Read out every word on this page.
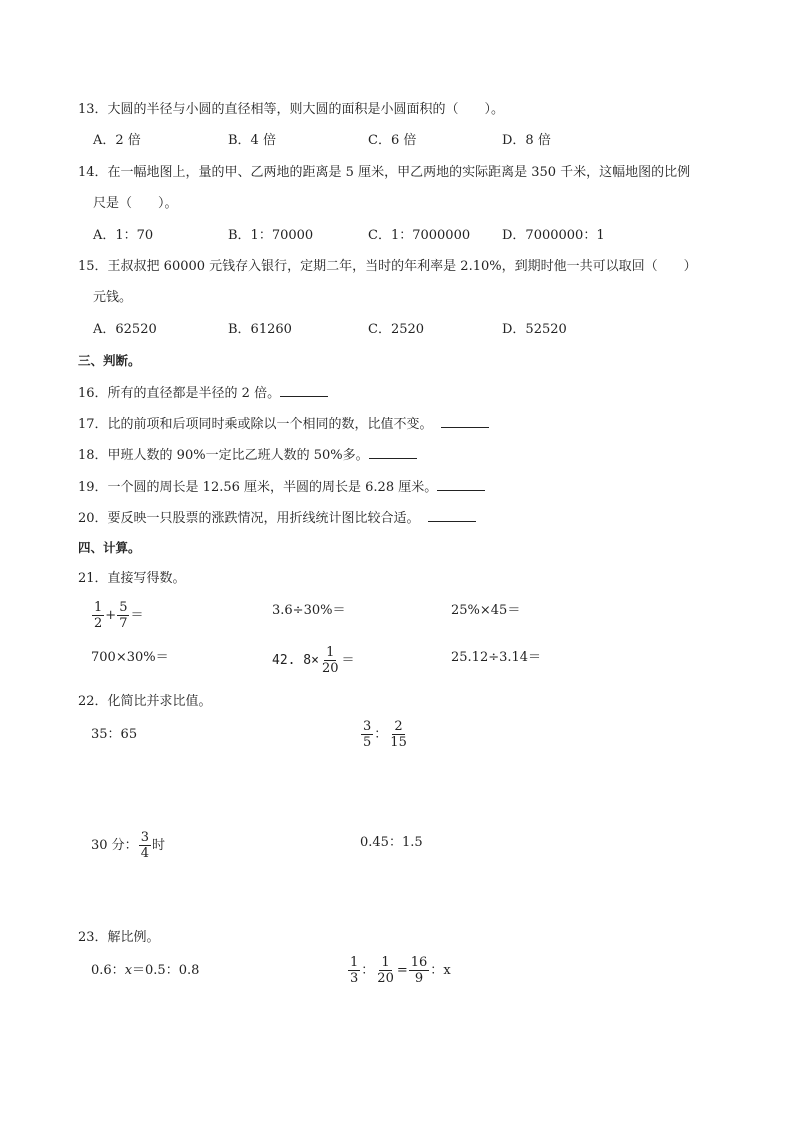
13．大圆的半径与小圆的直径相等，则大圆的面积是小圆面积的（　　）。
A．2 倍	B．4 倍	C．6 倍	D．8 倍
14．在一幅地图上，量的甲、乙两地的距离是 5 厘米，甲乙两地的实际距离是 350 千米，这幅地图的比例
尺是（　　）。
A．1：70	B．1：70000	C．1：7000000 D．7000000：1
15．王叔叔把 60000 元钱存入银行，定期二年，当时的年利率是 2.10%，到期时他一共可以取回（　　）
元钱。
A．62520	B．61260	C．2520	D．52520
三、判断。
16．所有的直径都是半径的 2 倍。
17．比的前项和后项同时乘或除以一个相同的数，比值不变。
18．甲班人数的 90%一定比乙班人数的 50%多。
19．一个圆的周长是 12.56 厘米，半圆的周长是 6.28 厘米。
20．要反映一只股票的涨跌情况，用折线统计图比较合适。
四、计算。
21．直接写得数。
$\frac{1}{2} + \frac{5}{7}$ ＝	3.6÷30%＝	25%×45＝
700×30%＝	42. $8\times \frac{1}{20}$ ＝	25.12÷3.14＝
22．化简比并求比值。
35：65	$\frac{3}{5}$ ： $\frac{2}{15}$
30 分： $\frac{3}{4}$ 时	0.45：1.5
23．解比例。
0.6：x＝0.5：0.8	$\frac{1}{3}$ ： $\frac{1}{20} = \frac{16}{9}$ ： x
